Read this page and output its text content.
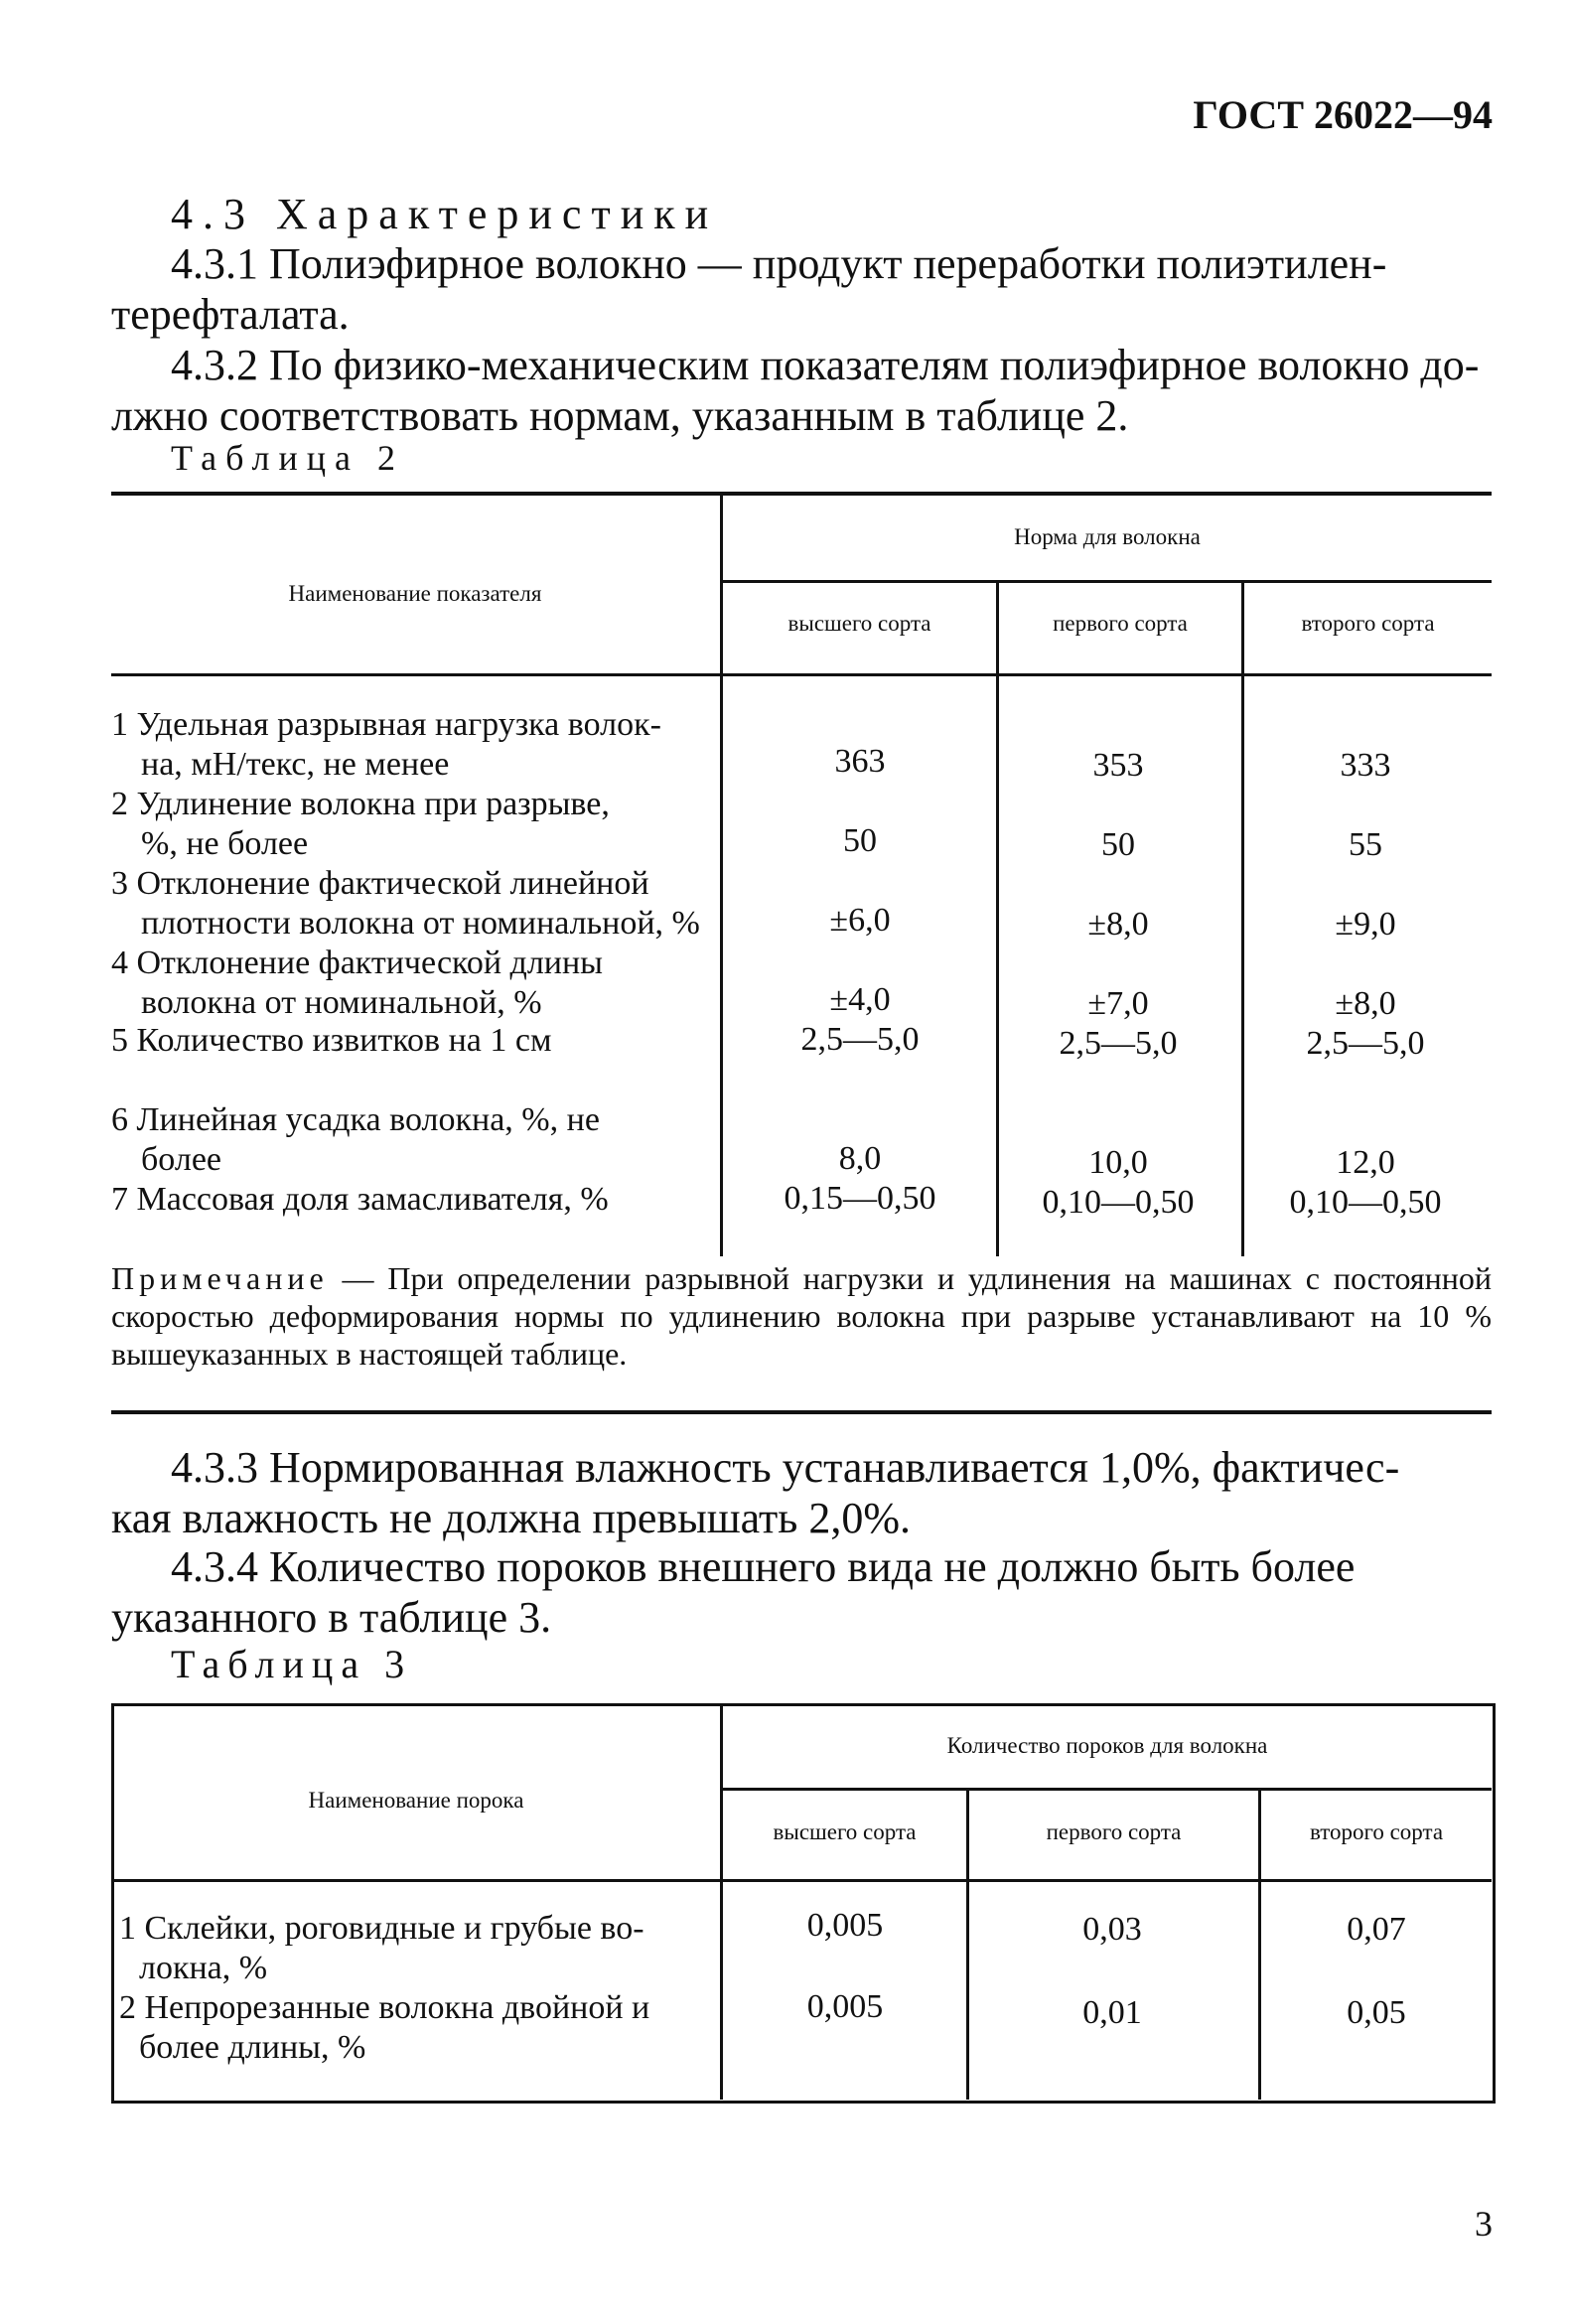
ГОСТ 26022—94
4.3 Характеристики
4.3.1 Полиэфирное волокно — продукт переработки полиэтилен-
терефталата.
4.3.2 По физико-механическим показателям полиэфирное волокно до-
лжно соответствовать нормам, указанным в таблице 2.
Таблица 2
Наименование показателя
Норма для волокна
высшего сорта	первого сорта	второго сорта
1 Удельная разрывная нагрузка волок-
на, мН/текс, не менее	363	353	333
2 Удлинение волокна при разрыве,
%, не более	50	50	55
3 Отклонение фактической линейной
плотности волокна от номинальной, %	±6,0	±8,0	±9,0
4 Отклонение фактической длины
волокна от номинальной, %	±4,0	±7,0	±8,0
5 Количество извитков на 1 см	2,5—5,0	2,5—5,0	2,5—5,0
6 Линейная усадка волокна, %, не
более	8,0	10,0	12,0
7 Массовая доля замасливателя, %	0,15—0,50	0,10—0,50	0,10—0,50
Примечание — При определении разрывной нагрузки и удлинения на машинах с постоянной скоростью деформирования нормы по удлинению волокна при разрыве устанавливают на 10 % вышеуказанных в настоящей таблице.
4.3.3 Нормированная влажность устанавливается 1,0%, фактичес-
кая влажность не должна превышать 2,0%.
4.3.4 Количество пороков внешнего вида не должно быть более
указанного в таблице 3.
Таблица 3
Наименование порока
Количество пороков для волокна
высшего сорта	первого сорта	второго сорта
1 Склейки, роговидные и грубые во-
локна, %
0,005	0,03	0,07
2 Непрорезанные волокна двойной и
более длины, %
0,005	0,01	0,05
3
